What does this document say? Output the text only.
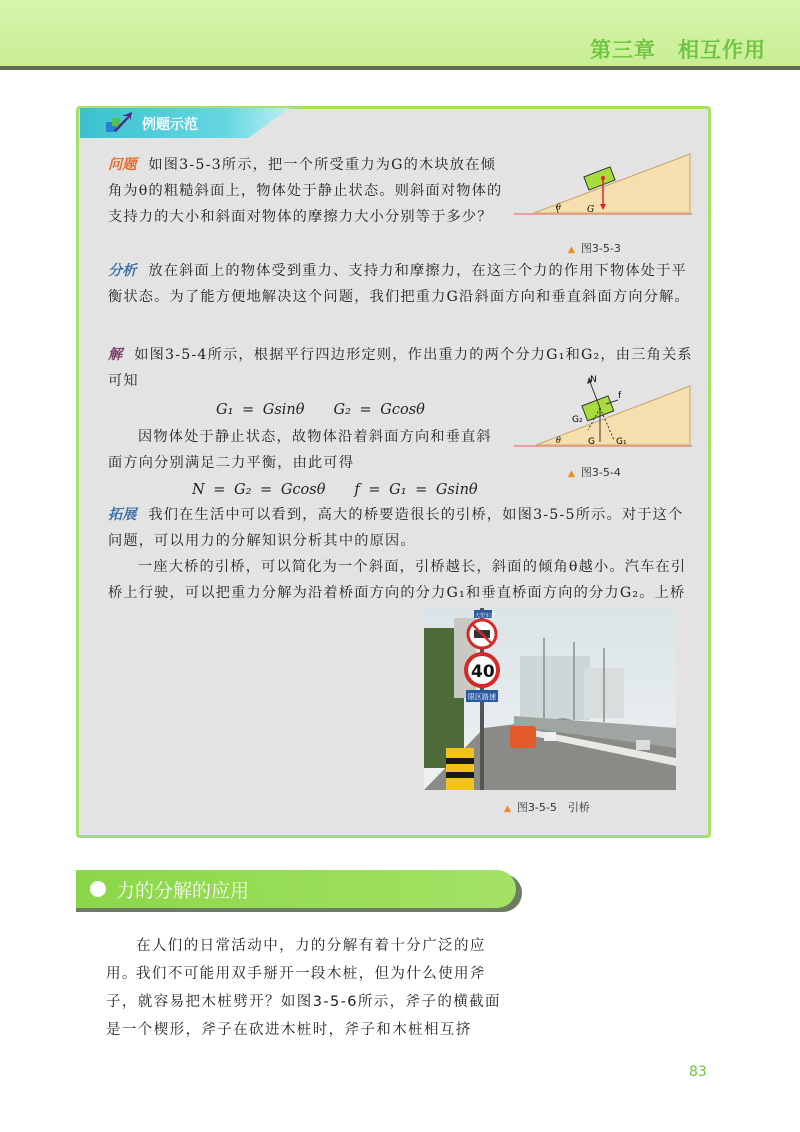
第三章　相互作用
例题示范
问题 如图3-5-3所示，把一个所受重力为G的木块放在倾角为θ的粗糙斜面上，物体处于静止状态。则斜面对物体的支持力的大小和斜面对物体的摩擦力大小分别等于多少？
θ	G
▲ 图3-5-3
分析 放在斜面上的物体受到重力、支持力和摩擦力，在这三个力的作用下物体处于平衡状态。为了能方便地解决这个问题，我们把重力G沿斜面方向和垂直斜面方向分解。
解 如图3-5-4所示，根据平行四边形定则，作出重力的两个分力G₁和G₂，由三角关系可知
G₁ = Gsinθ　　G₂ = Gcosθ
因物体处于静止状态，故物体沿着斜面方向和垂直斜面方向分别满足二力平衡，由此可得
N = G₂ = Gcosθ　　f = G₁ = Gsinθ
N
f
G₂
G G₁
θ
▲ 图3-5-4
拓展 我们在生活中可以看到，高大的桥要造很长的引桥，如图3-5-5所示。对于这个问题，可以用力的分解知识分析其中的原因。
一座大桥的引桥，可以简化为一个斜面，引桥越长，斜面的倾角θ越小。汽车在引桥上行驶，可以把重力分解为沿着桥面方向的分力G₁和垂直桥面方向的分力G₂。上桥
大型车道
40
限区路速
▲ 图3-5-5　引桥
力的分解的应用
在人们的日常活动中，力的分解有着十分广泛的应用。
我们不可能用双手掰开一段木桩，但为什么使用斧子，就容易把木桩劈开？如图3-5-6所示，斧子的横截面是一个楔形，斧子在砍进木桩时，斧子和木桩相互挤
83
